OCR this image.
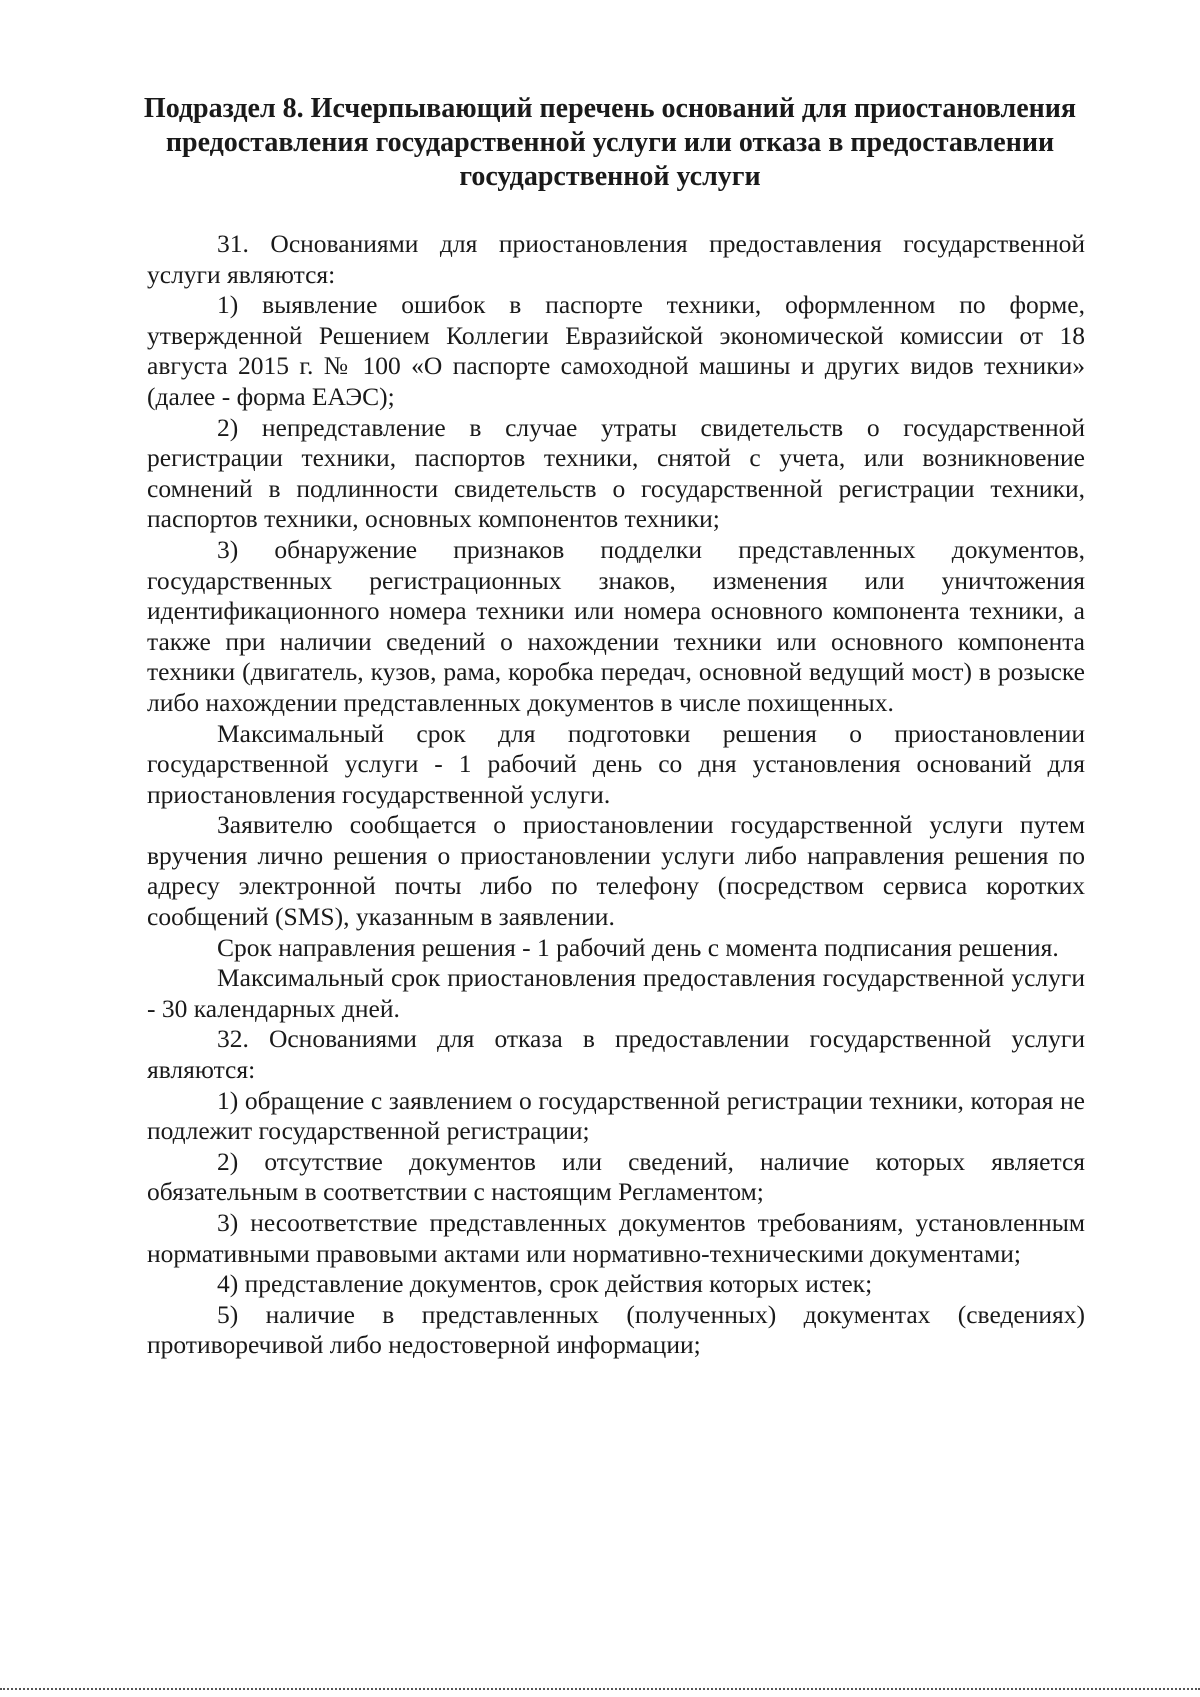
Подраздел 8. Исчерпывающий перечень оснований для приостановления
предоставления государственной услуги или отказа в предоставлении
государственной услуги

31. Основаниями для приостановления предоставления государственной услуги являются:

1) выявление ошибок в паспорте техники, оформленном по форме, утвержденной Решением Коллегии Евразийской экономической комиссии от 18 августа 2015 г. № 100 «О паспорте самоходной машины и других видов техники» (далее - форма ЕАЭС);

2) непредставление в случае утраты свидетельств о государственной регистрации техники, паспортов техники, снятой с учета, или возникновение сомнений в подлинности свидетельств о государственной регистрации техники, паспортов техники, основных компонентов техники;

3) обнаружение признаков подделки представленных документов, государственных регистрационных знаков, изменения или уничтожения идентификационного номера техники или номера основного компонента техники, а также при наличии сведений о нахождении техники или основного компонента техники (двигатель, кузов, рама, коробка передач, основной ведущий мост) в розыске либо нахождении представленных документов в числе похищенных.

Максимальный срок для подготовки решения о приостановлении государственной услуги - 1 рабочий день со дня установления оснований для приостановления государственной услуги.

Заявителю сообщается о приостановлении государственной услуги путем вручения лично решения о приостановлении услуги либо направления решения по адресу электронной почты либо по телефону (посредством сервиса коротких сообщений (SMS), указанным в заявлении.

Срок направления решения - 1 рабочий день с момента подписания решения.

Максимальный срок приостановления предоставления государственной услуги - 30 календарных дней.

32. Основаниями для отказа в предоставлении государственной услуги являются:

1) обращение с заявлением о государственной регистрации техники, которая не подлежит государственной регистрации;

2) отсутствие документов или сведений, наличие которых является обязательным в соответствии с настоящим Регламентом;

3) несоответствие представленных документов требованиям, установленным нормативными правовыми актами или нормативно-техническими документами;

4) представление документов, срок действия которых истек;

5) наличие в представленных (полученных) документах (сведениях) противоречивой либо недостоверной информации;
